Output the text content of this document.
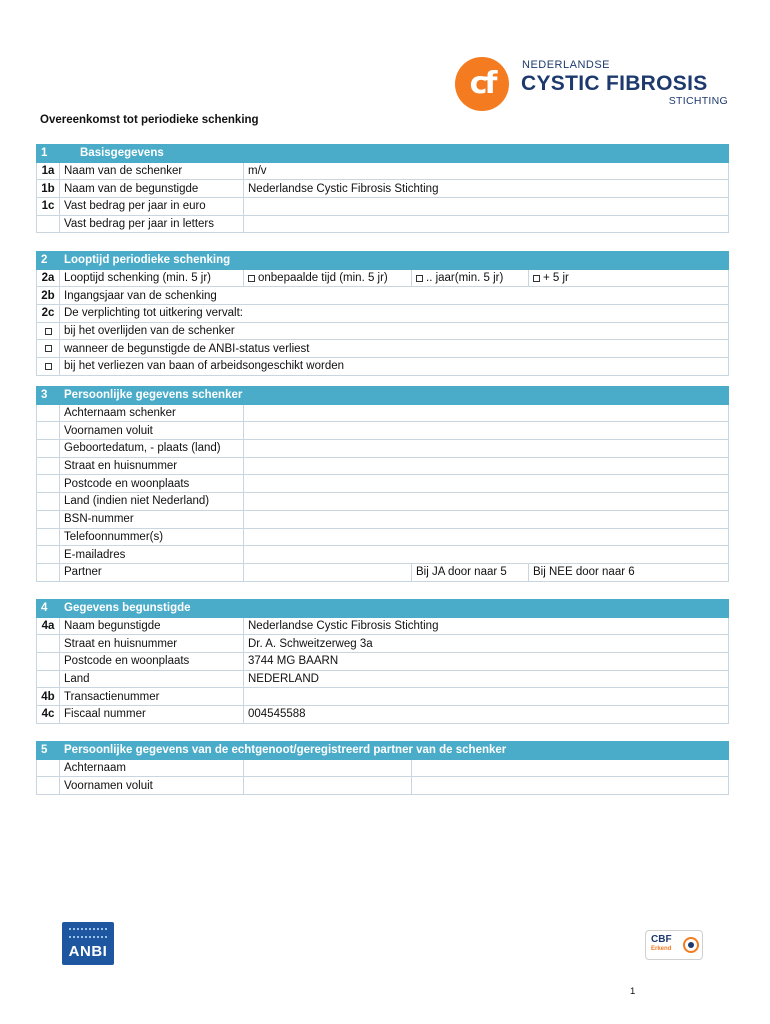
cf
NEDERLANDSE
CYSTIC FIBROSIS
STICHTING
Overeenkomst tot periodieke schenking
1	Basisgegevens	
1a	Naam van de schenker	m/v
1b	Naam van de begunstigde	Nederlandse Cystic Fibrosis Stichting
1c	Vast bedrag per jaar in euro	
	Vast bedrag per jaar in letters	
2	Looptijd periodieke schenking			
2a	Looptijd schenking (min. 5 jr)	onbepaalde tijd (min. 5 jr)	.. jaar(min. 5 jr)	+ 5 jr
2b	Ingangsjaar van de schenking			
2c	De verplichting tot uitkering vervalt:			
	bij het overlijden van de schenker			
	wanneer de begunstigde de ANBI-status verliest			
	bij het verliezen van baan of arbeidsongeschikt worden			
3	Persoonlijke gegevens schenker			
	Achternaam schenker			
	Voornamen voluit			
	Geboortedatum, - plaats (land)			
	Straat en huisnummer			
	Postcode en woonplaats			
	Land (indien niet Nederland)			
	BSN-nummer			
	Telefoonnummer(s)			
	E-mailadres			
	Partner		Bij JA door naar 5	Bij NEE door naar 6
4	Gegevens begunstigde	
4a	Naam begunstigde	Nederlandse Cystic Fibrosis Stichting
	Straat en huisnummer	Dr. A. Schweitzerweg 3a
	Postcode en woonplaats	3744 MG BAARN
	Land	NEDERLAND
4b	Transactienummer	
4c	Fiscaal nummer	004545588
5	Persoonlijke gegevens van de echtgenoot/geregistreerd partner van de schenker		
	Achternaam		
	Voornamen voluit		
ANBI
CBF
Erkend
1
